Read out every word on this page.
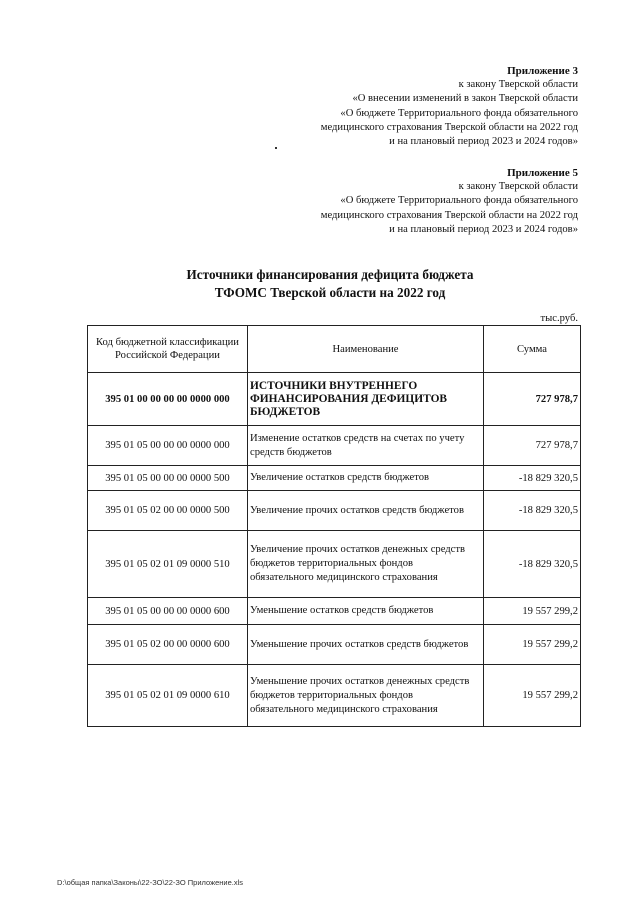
Приложение 3
к закону Тверской области
«О внесении изменений в закон Тверской области
«О бюджете Территориального фонда обязательного
медицинского страхования Тверской области на 2022 год
и на плановый период 2023 и 2024 годов»
Приложение 5
к закону Тверской области
«О бюджете Территориального фонда обязательного
медицинского страхования Тверской области на 2022 год
и на плановый период 2023 и 2024 годов»
Источники финансирования дефицита бюджета
ТФОМС Тверской области на 2022 год
тыс.руб.
Код бюджетной классификации Российской Федерации	Наименование	Сумма
395 01 00 00 00 00 0000 000	ИСТОЧНИКИ ВНУТРЕННЕГО ФИНАНСИРОВАНИЯ ДЕФИЦИТОВ БЮДЖЕТОВ	727 978,7
395 01 05 00 00 00 0000 000	Изменение остатков средств на счетах по учету средств бюджетов	727 978,7
395 01 05 00 00 00 0000 500	Увеличение остатков средств бюджетов	-18 829 320,5
395 01 05 02 00 00 0000 500	Увеличение прочих остатков средств бюджетов	-18 829 320,5
395 01 05 02 01 09 0000 510	Увеличение прочих остатков денежных средств бюджетов территориальных фондов обязательного медицинского страхования	-18 829 320,5
395 01 05 00 00 00 0000 600	Уменьшение остатков средств бюджетов	19 557 299,2
395 01 05 02 00 00 0000 600	Уменьшение прочих остатков средств бюджетов	19 557 299,2
395 01 05 02 01 09 0000 610	Уменьшение прочих остатков денежных средств бюджетов территориальных фондов обязательного медицинского страхования	19 557 299,2
D:\общая папка\Законы\22-ЗО\22-ЗО Приложение.xls
